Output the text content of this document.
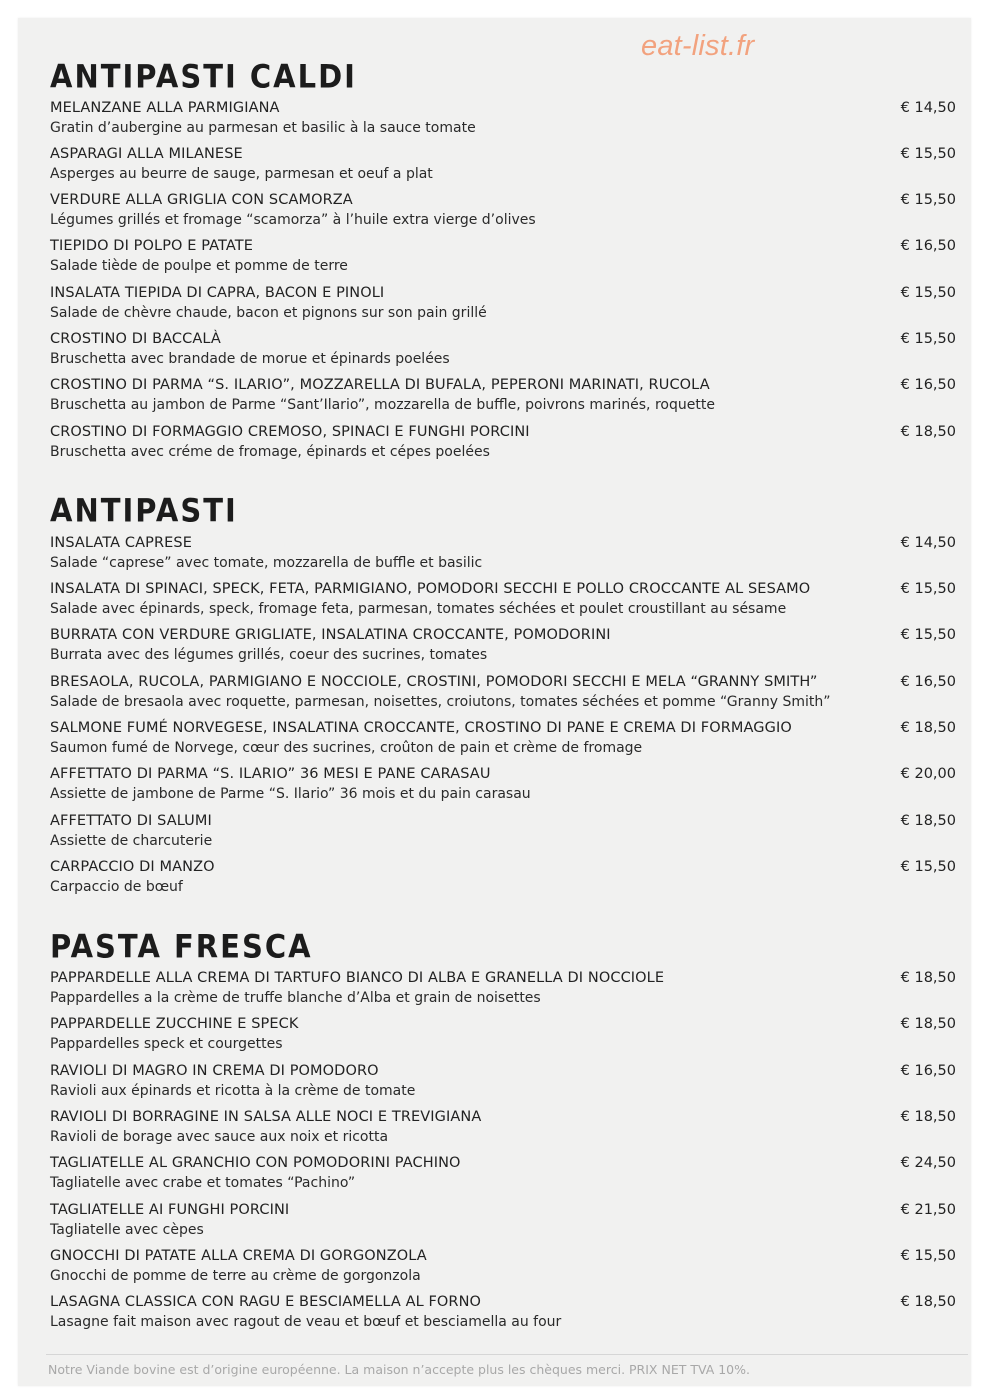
eat-list.fr
ANTIPASTI CALDI
MELANZANE ALLA PARMIGIANA
Gratin d’aubergine au parmesan et basilic à la sauce tomate
€ 14,50
ASPARAGI ALLA MILANESE
Asperges au beurre de sauge, parmesan et oeuf a plat
€ 15,50
VERDURE ALLA GRIGLIA CON SCAMORZA
Légumes grillés et fromage “scamorza” à l’huile extra vierge d’olives
€ 15,50
TIEPIDO DI POLPO E PATATE
Salade tiède de poulpe et pomme de terre
€ 16,50
INSALATA TIEPIDA DI CAPRA, BACON E PINOLI
Salade de chèvre chaude, bacon et pignons sur son pain grillé
€ 15,50
CROSTINO DI BACCALÀ
Bruschetta avec brandade de morue et épinards poelées
€ 15,50
CROSTINO DI PARMA “S. ILARIO”, MOZZARELLA DI BUFALA, PEPERONI MARINATI, RUCOLA
Bruschetta au jambon de Parme “Sant’Ilario”, mozzarella de buffle, poivrons marinés, roquette
€ 16,50
CROSTINO DI FORMAGGIO CREMOSO, SPINACI E FUNGHI PORCINI
Bruschetta avec créme de fromage, épinards et cépes poelées
€ 18,50
ANTIPASTI
INSALATA CAPRESE
Salade “caprese” avec tomate, mozzarella de buffle et basilic
€ 14,50
INSALATA DI SPINACI, SPECK, FETA, PARMIGIANO, POMODORI SECCHI E POLLO CROCCANTE AL SESAMO
Salade avec épinards, speck, fromage feta, parmesan, tomates séchées et poulet croustillant au sésame
€ 15,50
BURRATA CON VERDURE GRIGLIATE, INSALATINA CROCCANTE, POMODORINI
Burrata avec des légumes grillés, coeur des sucrines, tomates
€ 15,50
BRESAOLA, RUCOLA, PARMIGIANO E NOCCIOLE, CROSTINI, POMODORI SECCHI E MELA “GRANNY SMITH”
Salade de bresaola avec roquette, parmesan, noisettes, croiutons, tomates séchées et pomme “Granny Smith”
€ 16,50
SALMONE FUMÉ NORVEGESE, INSALATINA CROCCANTE, CROSTINO DI PANE E CREMA DI FORMAGGIO
Saumon fumé de Norvege, cœur des sucrines, croûton de pain et crème de fromage
€ 18,50
AFFETTATO DI PARMA “S. ILARIO” 36 MESI E PANE CARASAU
Assiette de jambone de Parme “S. Ilario” 36 mois et du pain carasau
€ 20,00
AFFETTATO DI SALUMI
Assiette de charcuterie
€ 18,50
CARPACCIO DI MANZO
Carpaccio de bœuf
€ 15,50
PASTA FRESCA
PAPPARDELLE ALLA CREMA DI TARTUFO BIANCO DI ALBA E GRANELLA DI NOCCIOLE
Pappardelles a la crème de truffe blanche d’Alba et grain de noisettes
€ 18,50
PAPPARDELLE ZUCCHINE E SPECK
Pappardelles speck et courgettes
€ 18,50
RAVIOLI DI MAGRO IN CREMA DI POMODORO
Ravioli aux épinards et ricotta à la crème de tomate
€ 16,50
RAVIOLI DI BORRAGINE IN SALSA ALLE NOCI E TREVIGIANA
Ravioli de borage avec sauce aux noix et ricotta
€ 18,50
TAGLIATELLE AL GRANCHIO CON POMODORINI PACHINO
Tagliatelle avec crabe et tomates “Pachino”
€ 24,50
TAGLIATELLE AI FUNGHI PORCINI
Tagliatelle avec cèpes
€ 21,50
GNOCCHI DI PATATE ALLA CREMA DI GORGONZOLA
Gnocchi de pomme de terre au crème de gorgonzola
€ 15,50
LASAGNA CLASSICA CON RAGU E BESCIAMELLA AL FORNO
Lasagne fait maison avec ragout de veau et bœuf et besciamella au four
€ 18,50
Notre Viande bovine est d’origine européenne. La maison n’accepte plus les chèques merci. PRIX NET TVA 10%.
